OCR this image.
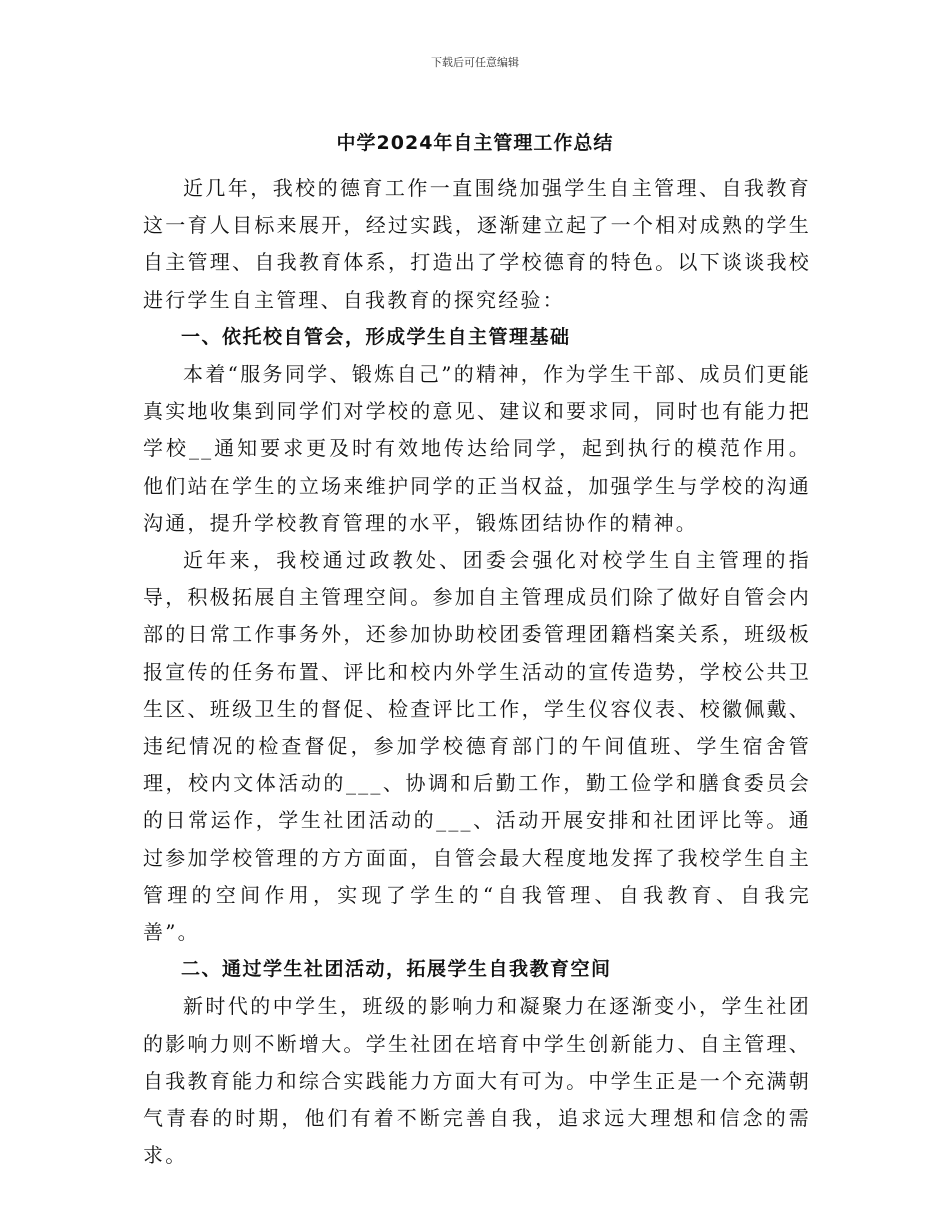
下载后可任意编辑
中学2024年自主管理工作总结

近几年，我校的德育工作一直围绕加强学生自主管理、自我教育这一育人目标来展开，经过实践，逐渐建立起了一个相对成熟的学生自主管理、自我教育体系，打造出了学校德育的特色。以下谈谈我校进行学生自主管理、自我教育的探究经验：

一、依托校自管会，形成学生自主管理基础

本着“服务同学、锻炼自己”的精神，作为学生干部、成员们更能真实地收集到同学们对学校的意见、建议和要求同，同时也有能力把学校__通知要求更及时有效地传达给同学，起到执行的模范作用。他们站在学生的立场来维护同学的正当权益，加强学生与学校的沟通沟通，提升学校教育管理的水平，锻炼团结协作的精神。

近年来，我校通过政教处、团委会强化对校学生自主管理的指导，积极拓展自主管理空间。参加自主管理成员们除了做好自管会内部的日常工作事务外，还参加协助校团委管理团籍档案关系，班级板报宣传的任务布置、评比和校内外学生活动的宣传造势，学校公共卫生区、班级卫生的督促、检查评比工作，学生仪容仪表、校徽佩戴、违纪情况的检查督促，参加学校德育部门的午间值班、学生宿舍管理，校内文体活动的___、协调和后勤工作，勤工俭学和膳食委员会的日常运作，学生社团活动的___、活动开展安排和社团评比等。通过参加学校管理的方方面面，自管会最大程度地发挥了我校学生自主管理的空间作用，实现了学生的“自我管理、自我教育、自我完善”。

二、通过学生社团活动，拓展学生自我教育空间

新时代的中学生，班级的影响力和凝聚力在逐渐变小，学生社团的影响力则不断增大。学生社团在培育中学生创新能力、自主管理、自我教育能力和综合实践能力方面大有可为。中学生正是一个充满朝气青春的时期，他们有着不断完善自我，追求远大理想和信念的需求。
